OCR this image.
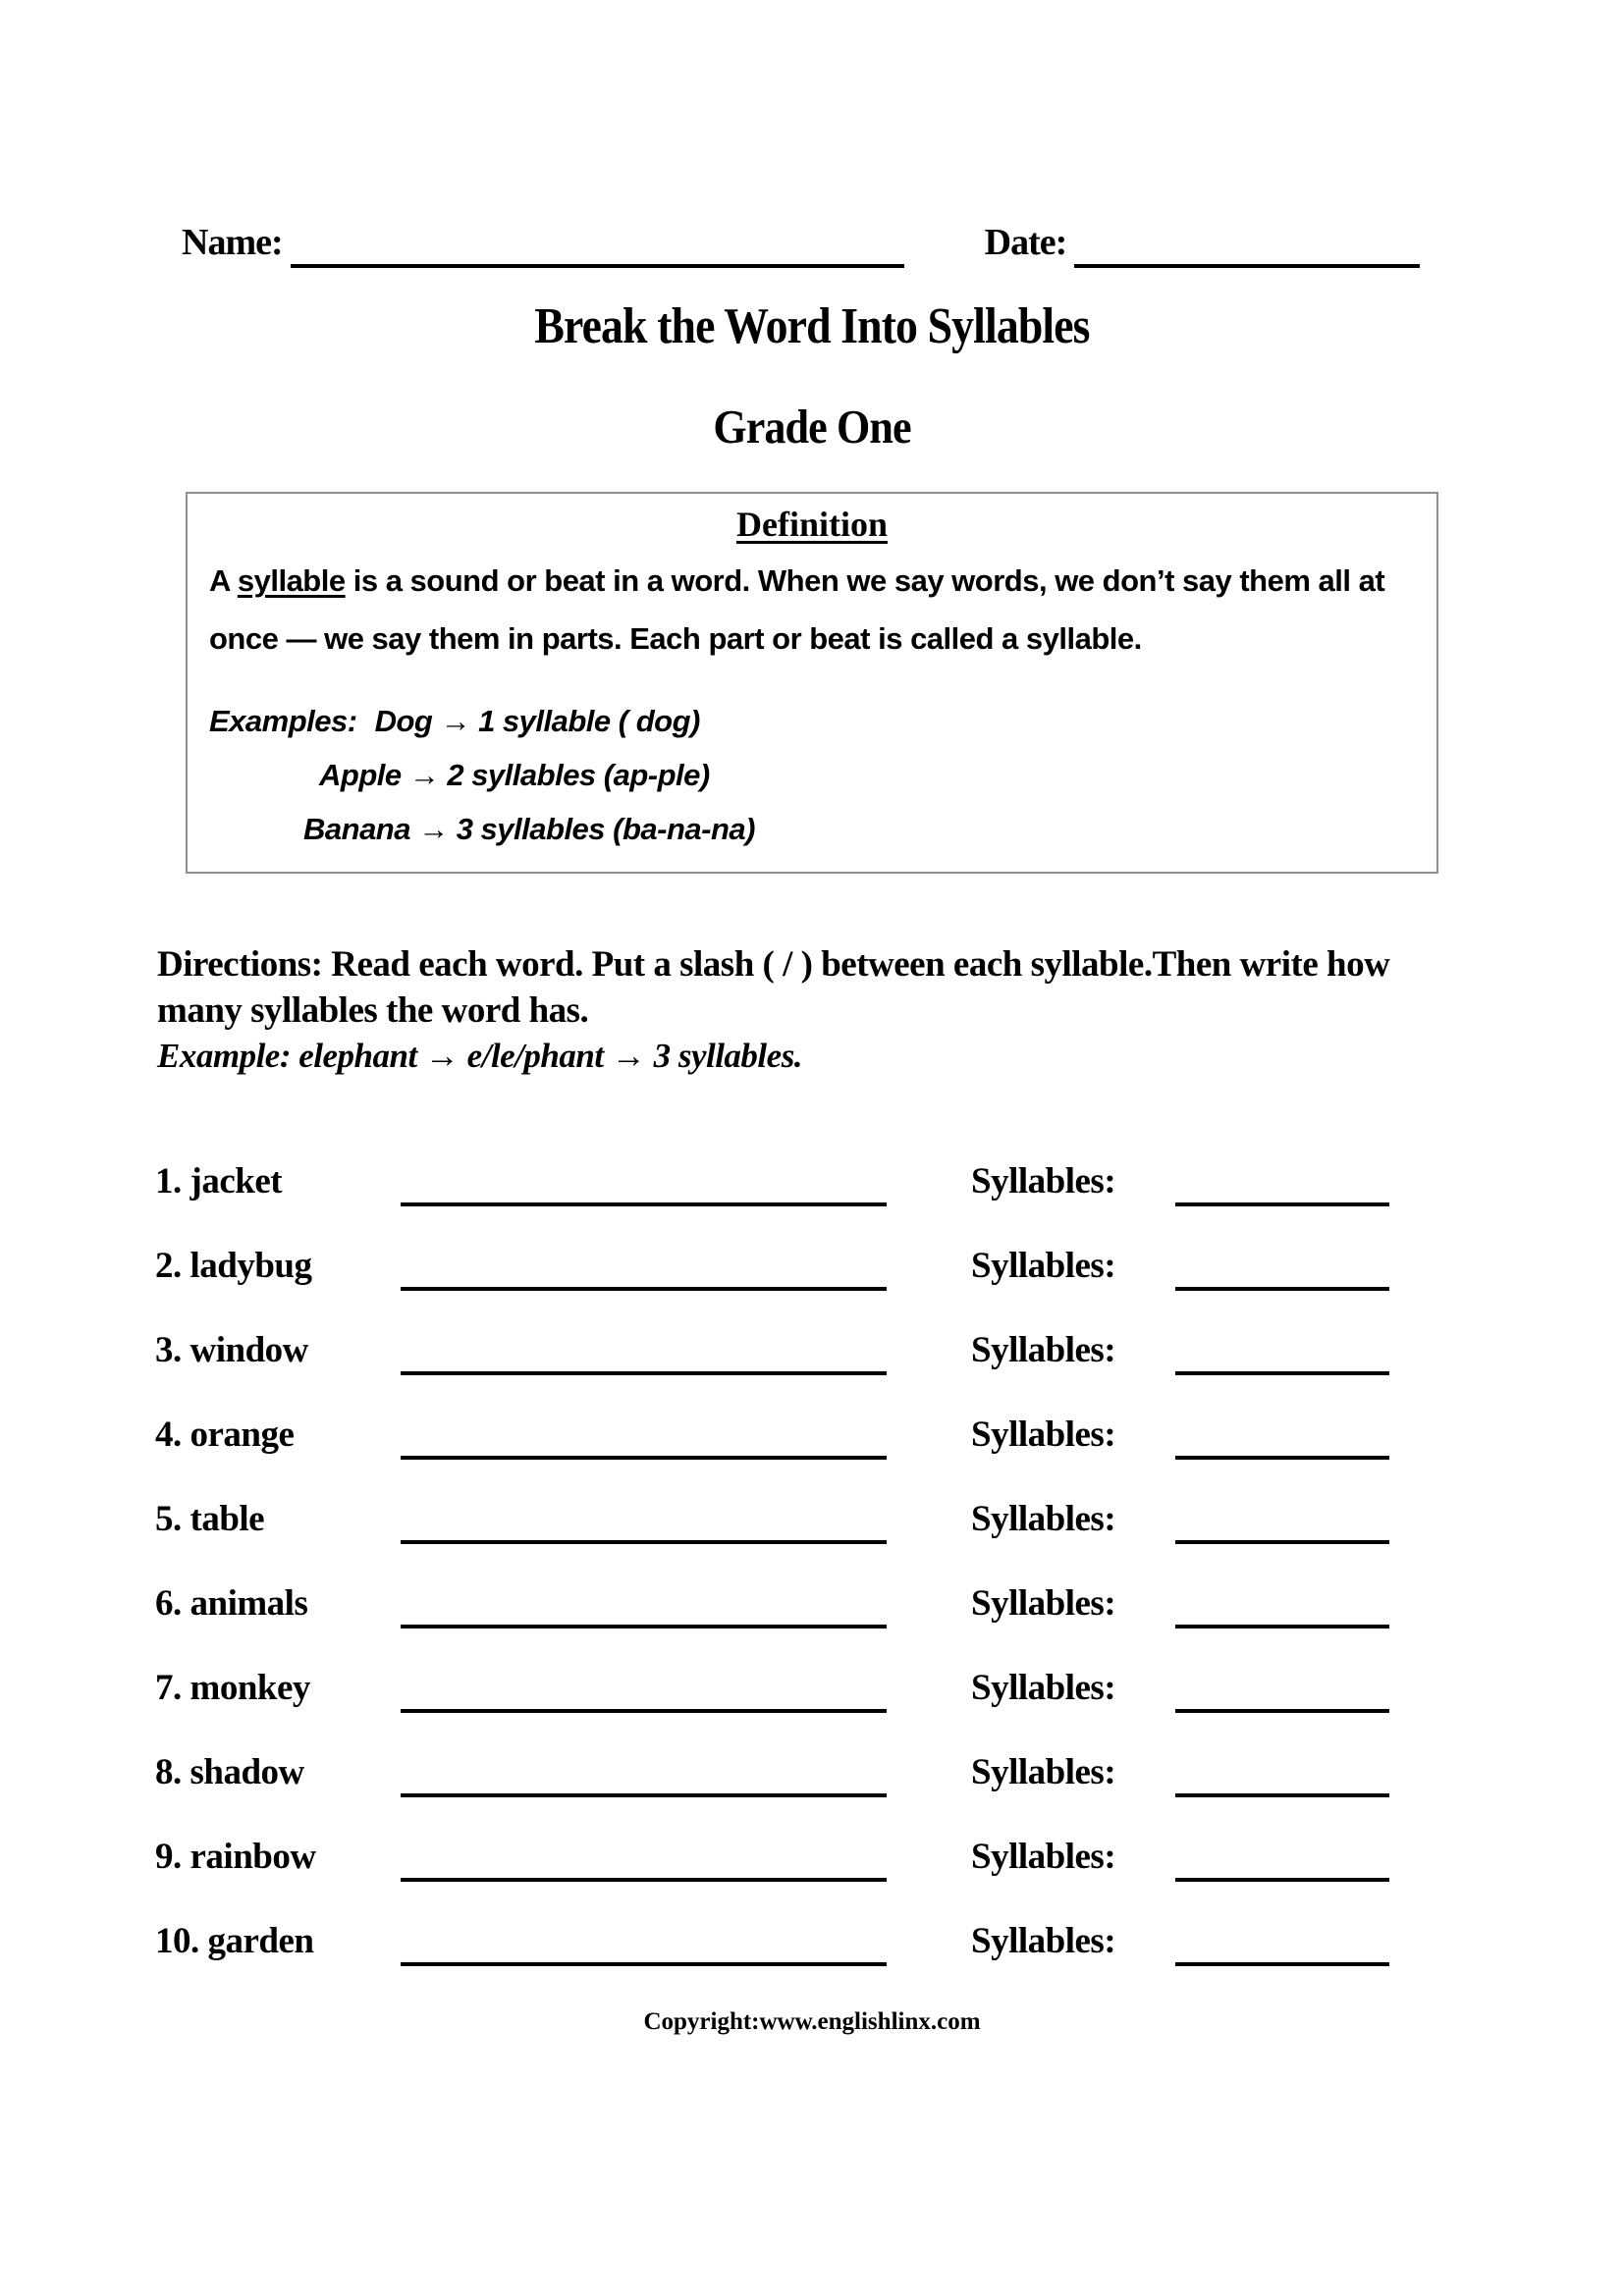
Name: ​	Date:
​
Break the Word Into Syllables
Grade One
Definition
A syllable is a sound or beat in a word. When we say words, we don’t say them all at once — we say them in parts. Each part or beat is called a syllable.
Examples: Dog → 1 syllable ( dog)
Apple → 2 syllables (ap-ple)
Banana → 3 syllables (ba-na-na)
Directions: Read each word. Put a slash ( / ) between each syllable.Then write how many syllables the word has.
Example: elephant → e/le/phant → 3 syllables.
1. jacket ​	Syllables:
​
2. ladybug ​	Syllables:
​
3. window ​	Syllables:
​
4. orange ​	Syllables:
​
5. table ​	Syllables:
​
6. animals ​	Syllables:
​
7. monkey ​	Syllables:
​
8. shadow ​	Syllables:
​
9. rainbow ​	Syllables:
​
10. garden ​	Syllables:
​
Copyright:www.englishlinx.com
